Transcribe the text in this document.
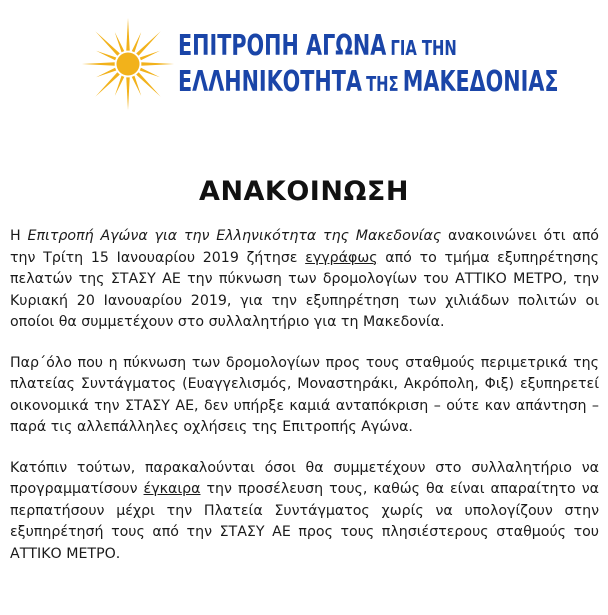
ΕΠΙΤΡΟΠΗ ΑΓΩΝΑ ΓΙΑ ΤΗΝ
ΕΛΛΗΝΙΚΟΤΗΤΑ ΤΗΣ ΜΑΚΕΔΟΝΙΑΣ
ΑΝΑΚΟΙΝΩΣΗ

Η Επιτροπή Αγώνα για την Ελληνικότητα της Μακεδονίας ανακοινώνει ότι από την Τρίτη 15 Ιανουαρίου 2019 ζήτησε εγγράφως από το τμήμα εξυπηρέτησης πελατών της ΣΤΑΣΥ ΑΕ την πύκνωση των δρομολογίων του ΑΤΤΙΚΟ ΜΕΤΡΟ, την Κυριακή 20 Ιανουαρίου 2019, για την εξυπηρέτηση των χιλιάδων πολιτών οι οποίοι θα συμμετέχουν στο συλλαλητήριο για τη Μακεδονία.

Παρ΄όλο που η πύκνωση των δρομολογίων προς τους σταθμούς περιμετρικά της πλατείας Συντάγματος (Ευαγγελισμός, Μοναστηράκι, Ακρόπολη, Φιξ) εξυπηρετεί οικονομικά την ΣΤΑΣΥ ΑΕ, δεν υπήρξε καμιά ανταπόκριση – ούτε καν απάντηση – παρά τις αλλεπάλληλες οχλήσεις της Επιτροπής Αγώνα.

Κατόπιν τούτων, παρακαλούνται όσοι θα συμμετέχουν στο συλλαλητήριο να προγραμματίσουν έγκαιρα την προσέλευση τους, καθώς θα είναι απαραίτητο να περπατήσουν μέχρι την Πλατεία Συντάγματος χωρίς να υπολογίζουν στην εξυπηρέτησή τους από την ΣΤΑΣΥ ΑΕ προς τους πλησιέστερους σταθμούς του ΑΤΤΙΚΟ ΜΕΤΡΟ.
